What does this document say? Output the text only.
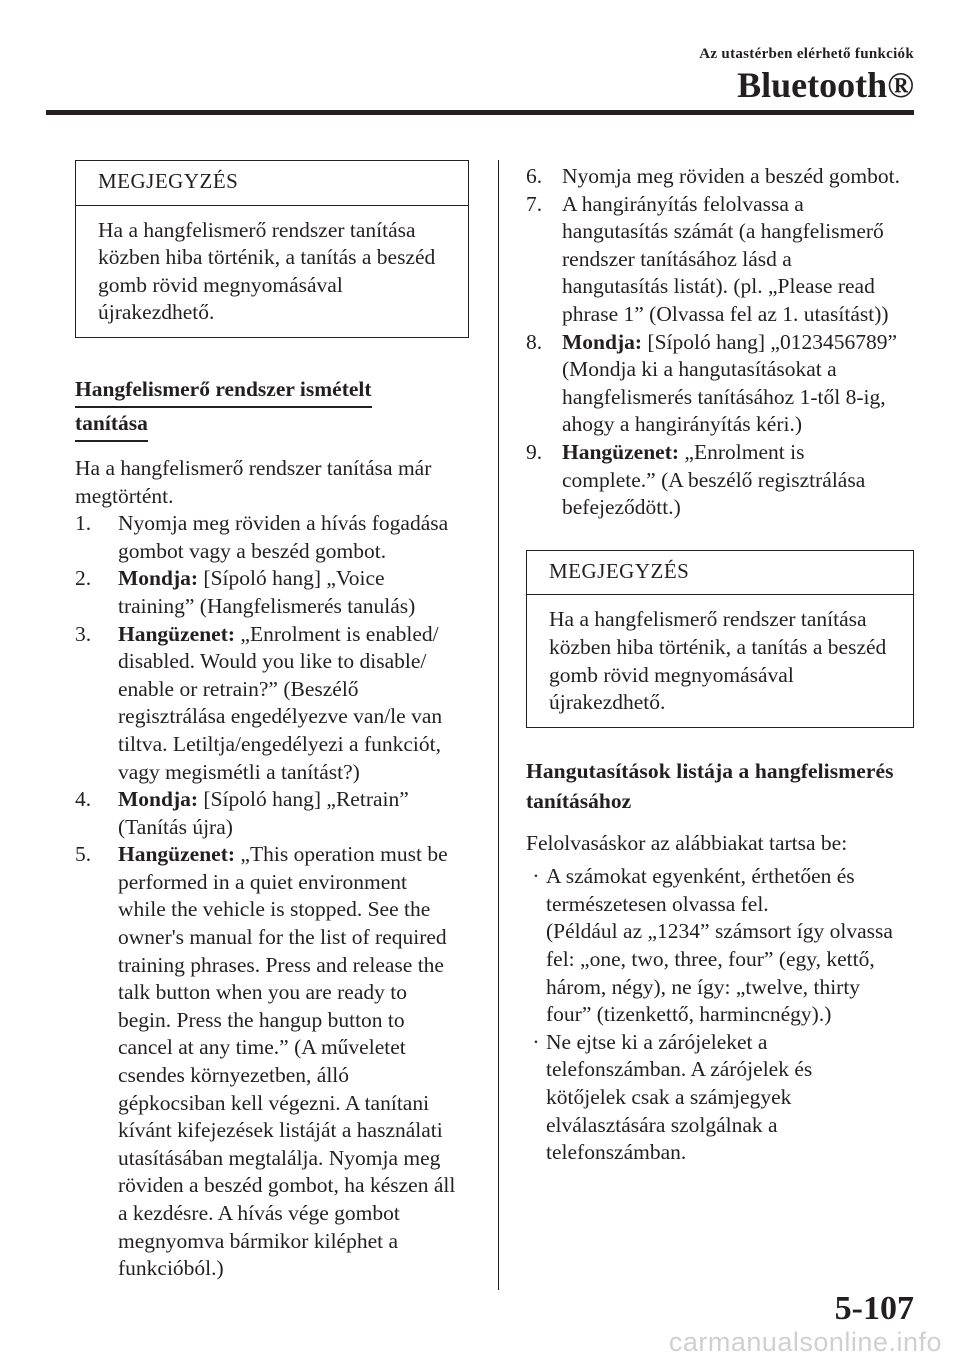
Az utastérben elérhető funkciók
Bluetooth®
MEGJEGYZÉS
Ha a hangfelismerő rendszer tanítása
közben hiba történik, a tanítás a beszéd
gomb rövid megnyomásával
újrakezdhető.
Hangfelismerő rendszer ismételt
tanítása
Ha a hangfelismerő rendszer tanítása már
megtörtént.
1.	Nyomja meg röviden a hívás fogadása
gombot vagy a beszéd gombot.
2.	Mondja: [Sípoló hang] „Voice
training” (Hangfelismerés tanulás)
3.	Hangüzenet: „Enrolment is enabled/
disabled. Would you like to disable/
enable or retrain?” (Beszélő
regisztrálása engedélyezve van/le van
tiltva. Letiltja/engedélyezi a funkciót,
vagy megismétli a tanítást?)
4.	Mondja: [Sípoló hang] „Retrain”
(Tanítás újra)
5.	Hangüzenet: „This operation must be
performed in a quiet environment
while the vehicle is stopped. See the
owner's manual for the list of required
training phrases. Press and release the
talk button when you are ready to
begin. Press the hangup button to
cancel at any time.” (A műveletet
csendes környezetben, álló
gépkocsiban kell végezni. A tanítani
kívánt kifejezések listáját a használati
utasításában megtalálja. Nyomja meg
röviden a beszéd gombot, ha készen áll
a kezdésre. A hívás vége gombot
megnyomva bármikor kiléphet a
funkcióból.)
6. Nyomja meg röviden a beszéd gombot.
7. A hangirányítás felolvassa a
hangutasítás számát (a hangfelismerő
rendszer tanításához lásd a
hangutasítás listát). (pl. „Please read
phrase 1” (Olvassa fel az 1. utasítást))
8. Mondja: [Sípoló hang] „0123456789”
(Mondja ki a hangutasításokat a
hangfelismerés tanításához 1-től 8-ig,
ahogy a hangirányítás kéri.)
9. Hangüzenet: „Enrolment is
complete.” (A beszélő regisztrálása
befejeződött.)
MEGJEGYZÉS
Ha a hangfelismerő rendszer tanítása
közben hiba történik, a tanítás a beszéd
gomb rövid megnyomásával
újrakezdhető.
Hangutasítások listája a hangfelismerés
tanításához
Felolvasáskor az alábbiakat tartsa be:
· A számokat egyenként, érthetően és
természetesen olvassa fel.
(Például az „1234” számsort így olvassa
fel: „one, two, three, four” (egy, kettő,
három, négy), ne így: „twelve, thirty
four” (tizenkettő, harmincnégy).)
· Ne ejtse ki a zárójeleket a
telefonszámban. A zárójelek és
kötőjelek csak a számjegyek
elválasztására szolgálnak a
telefonszámban.
5-107
carmanualsonline.info
